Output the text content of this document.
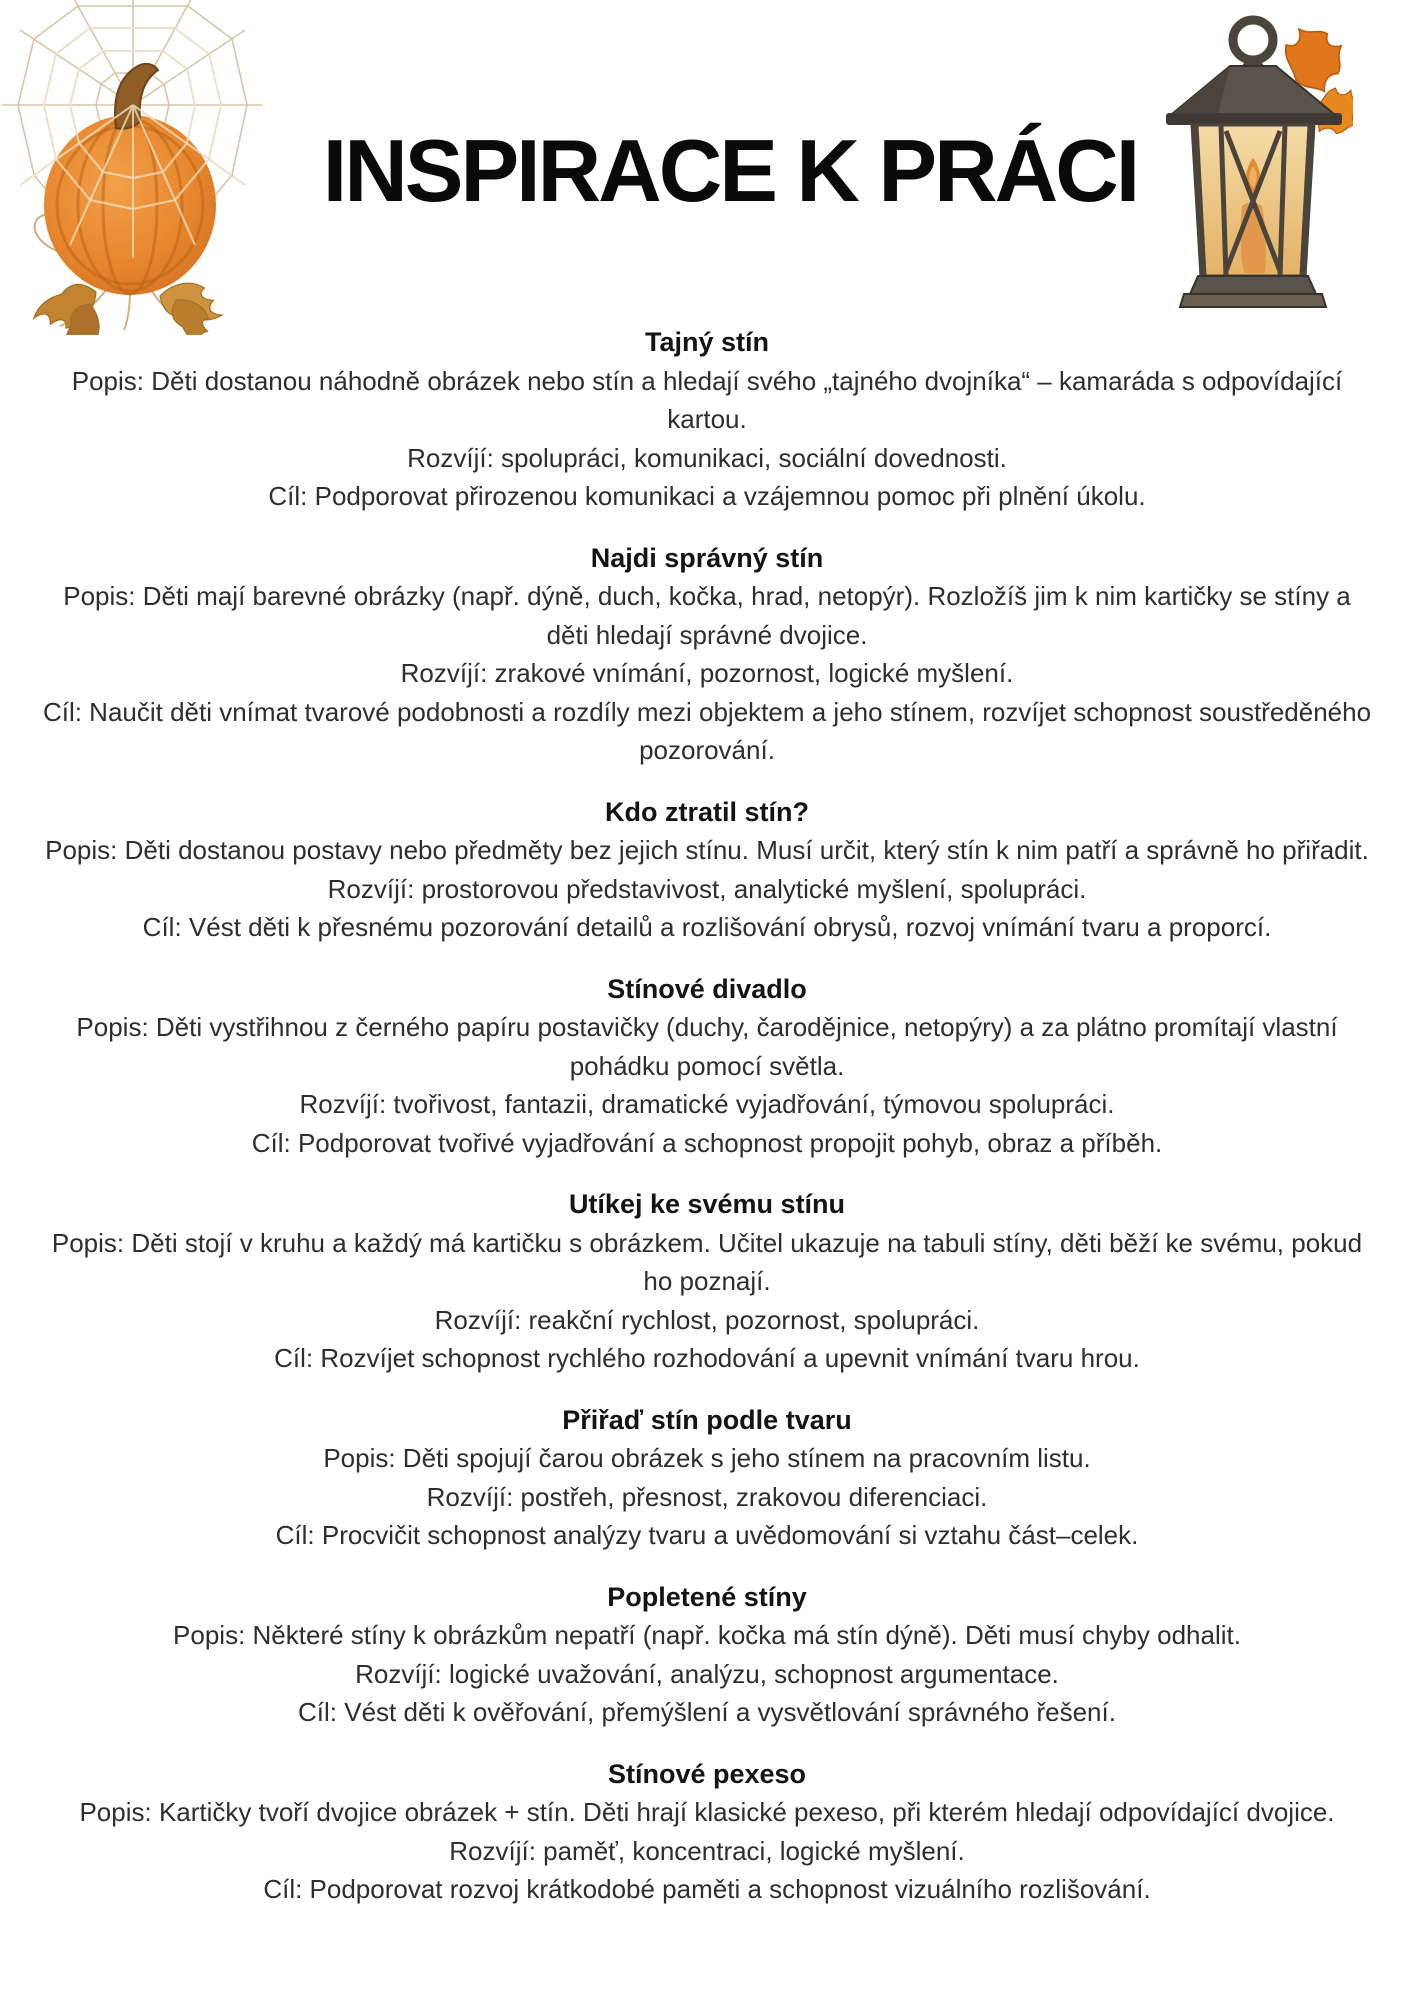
INSPIRACE K PRÁCI
Tajný stín

Popis: Děti dostanou náhodně obrázek nebo stín a hledají svého „tajného dvojníka“ – kamaráda s odpovídající kartou.

Rozvíjí: spolupráci, komunikaci, sociální dovednosti.

Cíl: Podporovat přirozenou komunikaci a vzájemnou pomoc při plnění úkolu.

Najdi správný stín

Popis: Děti mají barevné obrázky (např. dýně, duch, kočka, hrad, netopýr). Rozložíš jim k nim kartičky se stíny a děti hledají správné dvojice.

Rozvíjí: zrakové vnímání, pozornost, logické myšlení.

Cíl: Naučit děti vnímat tvarové podobnosti a rozdíly mezi objektem a jeho stínem, rozvíjet schopnost soustředěného pozorování.

Kdo ztratil stín?

Popis: Děti dostanou postavy nebo předměty bez jejich stínu. Musí určit, který stín k nim patří a správně ho přiřadit.

Rozvíjí: prostorovou představivost, analytické myšlení, spolupráci.

Cíl: Vést děti k přesnému pozorování detailů a rozlišování obrysů, rozvoj vnímání tvaru a proporcí.

Stínové divadlo

Popis: Děti vystřihnou z černého papíru postavičky (duchy, čarodějnice, netopýry) a za plátno promítají vlastní pohádku pomocí světla.

Rozvíjí: tvořivost, fantazii, dramatické vyjadřování, týmovou spolupráci.

Cíl: Podporovat tvořivé vyjadřování a schopnost propojit pohyb, obraz a příběh.

Utíkej ke svému stínu

Popis: Děti stojí v kruhu a každý má kartičku s obrázkem. Učitel ukazuje na tabuli stíny, děti běží ke svému, pokud ho poznají.

Rozvíjí: reakční rychlost, pozornost, spolupráci.

Cíl: Rozvíjet schopnost rychlého rozhodování a upevnit vnímání tvaru hrou.

Přiřaď stín podle tvaru

Popis: Děti spojují čarou obrázek s jeho stínem na pracovním listu.

Rozvíjí: postřeh, přesnost, zrakovou diferenciaci.

Cíl: Procvičit schopnost analýzy tvaru a uvědomování si vztahu část–celek.

Popletené stíny

Popis: Některé stíny k obrázkům nepatří (např. kočka má stín dýně). Děti musí chyby odhalit.

Rozvíjí: logické uvažování, analýzu, schopnost argumentace.

Cíl: Vést děti k ověřování, přemýšlení a vysvětlování správného řešení.

Stínové pexeso

Popis: Kartičky tvoří dvojice obrázek + stín. Děti hrají klasické pexeso, při kterém hledají odpovídající dvojice.

Rozvíjí: paměť, koncentraci, logické myšlení.

Cíl: Podporovat rozvoj krátkodobé paměti a schopnost vizuálního rozlišování.
